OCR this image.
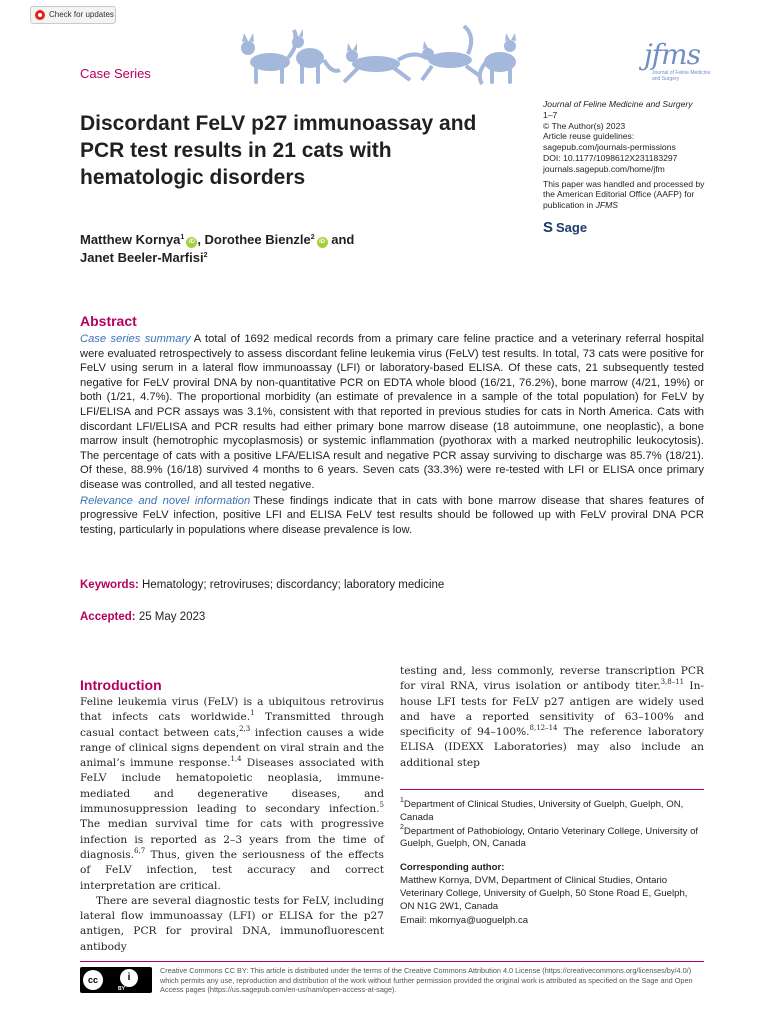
Check for updates
Case Series
jfms
Journal of Feline Medicine and Surgery
Discordant FeLV p27 immunoassay and PCR test results in 21 cats with hematologic disorders
Journal of Feline Medicine and Surgery
1–7
© The Author(s) 2023
Article reuse guidelines:
sagepub.com/journals-permissions
DOI: 10.1177/1098612X231183297
journals.sagepub.com/home/jfm
This paper was handled and processed by the American Editorial Office (AAFP) for publication in JFMS
S Sage
Matthew Kornya$^1$iD , Dorothee Bienzle$^2$iD and
Janet Beeler-Marfisi$^2$
Abstract

Case series summary A total of 1692 medical records from a primary care feline practice and a veterinary referral hospital were evaluated retrospectively to assess discordant feline leukemia virus (FeLV) test results. In total, 73 cats were positive for FeLV using serum in a lateral flow immunoassay (LFI) or laboratory-based ELISA. Of these cats, 21 subsequently tested negative for FeLV proviral DNA by non-quantitative PCR on EDTA whole blood (16/21, 76.2%), bone marrow (4/21, 19%) or both (1/21, 4.7%). The proportional morbidity (an estimate of prevalence in a sample of the total population) for FeLV by LFI/ELISA and PCR assays was 3.1%, consistent with that reported in previous studies for cats in North America. Cats with discordant LFI/ELISA and PCR results had either primary bone marrow disease (18 autoimmune, one neoplastic), a bone marrow insult (hemotrophic mycoplasmosis) or systemic inflammation (pyothorax with a marked neutrophilic leukocytosis). The percentage of cats with a positive LFA/ELISA result and negative PCR assay surviving to discharge was 85.7% (18/21). Of these, 88.9% (16/18) survived 4 months to 6 years. Seven cats (33.3%) were re-tested with LFI or ELISA once primary disease was controlled, and all tested negative.

Relevance and novel information These findings indicate that in cats with bone marrow disease that shares features of progressive FeLV infection, positive LFI and ELISA FeLV test results should be followed up with FeLV proviral DNA PCR testing, particularly in populations where disease prevalence is low.

Keywords: Hematology; retroviruses; discordancy; laboratory medicine
Accepted: 25 May 2023
Introduction

Feline leukemia virus (FeLV) is a ubiquitous retrovirus that infects cats worldwide.$^1$ Transmitted through casual contact between cats,$^{2,3}$ infection causes a wide range of clinical signs dependent on viral strain and the animal’s immune response.$^{1,4}$ Diseases associated with FeLV include hematopoietic neoplasia, immune-mediated and degenerative diseases, and immunosuppression leading to secondary infection.$^5$ The median survival time for cats with progressive infection is reported as 2–3 years from the time of diagnosis.$^{6,7}$ Thus, given the seriousness of the effects of FeLV infection, test accuracy and correct interpretation are critical.

There are several diagnostic tests for FeLV, including lateral flow immunoassay (LFI) or ELISA for the p27 antigen, PCR for proviral DNA, immunofluorescent antibody

testing and, less commonly, reverse transcription PCR for viral RNA, virus isolation or antibody titer.$^{3,8-11}$ In-house LFI tests for FeLV p27 antigen are widely used and have a reported sensitivity of 63–100% and specificity of 94–100%.$^{8,12-14}$ The reference laboratory ELISA (IDEXX Laboratories) may also include an additional step

$^1$Department of Clinical Studies, University of Guelph, Guelph, ON, Canada
$^2$Department of Pathobiology, Ontario Veterinary College, University of Guelph, Guelph, ON, Canada
Corresponding author:
Matthew Kornya, DVM, Department of Clinical Studies, Ontario Veterinary College, University of Guelph, 50 Stone Road E, Guelph, ON N1G 2W1, Canada
Email: mkornya@uoguelph.ca
cc	i
BY
Creative Commons CC BY: This article is distributed under the terms of the Creative Commons Attribution 4.0 License (https://creativecommons.org/licenses/by/4.0/) which permits any use, reproduction and distribution of the work without further permission provided the original work is attributed as specified on the Sage and Open Access pages (https://us.sagepub.com/en-us/nam/open-access-at-sage).
